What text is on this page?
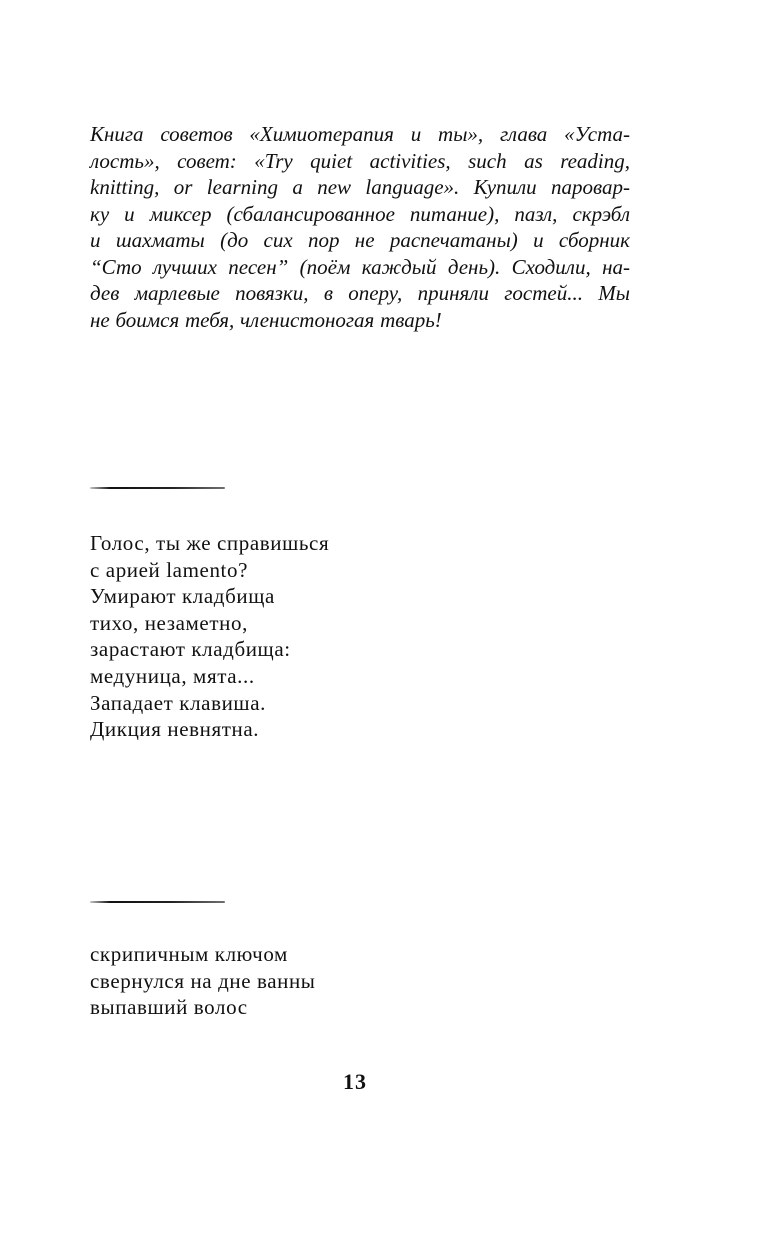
Книга советов «Химиотерапия и ты», глава «Уста-
лость», совет: «Try quiet activities, such as reading,
knitting, or learning a new language». Купили паровар-
ку и миксер (сбалансированное питание), пазл, скрэбл
и шахматы (до сих пор не распечатаны) и сборник
“Сто лучших песен” (поём каждый день). Сходили, на-
дев марлевые повязки, в оперу, приняли гостей... Мы
не боимся тебя, членистоногая тварь!

Голос, ты же справишься
с арией lamento?
Умирают кладбища
тихо, незаметно,
зарастают кладбища:
медуница, мята...
Западает клавиша.
Дикция невнятна.
скрипичным ключом
свернулся на дне ванны
выпавший волос
13
